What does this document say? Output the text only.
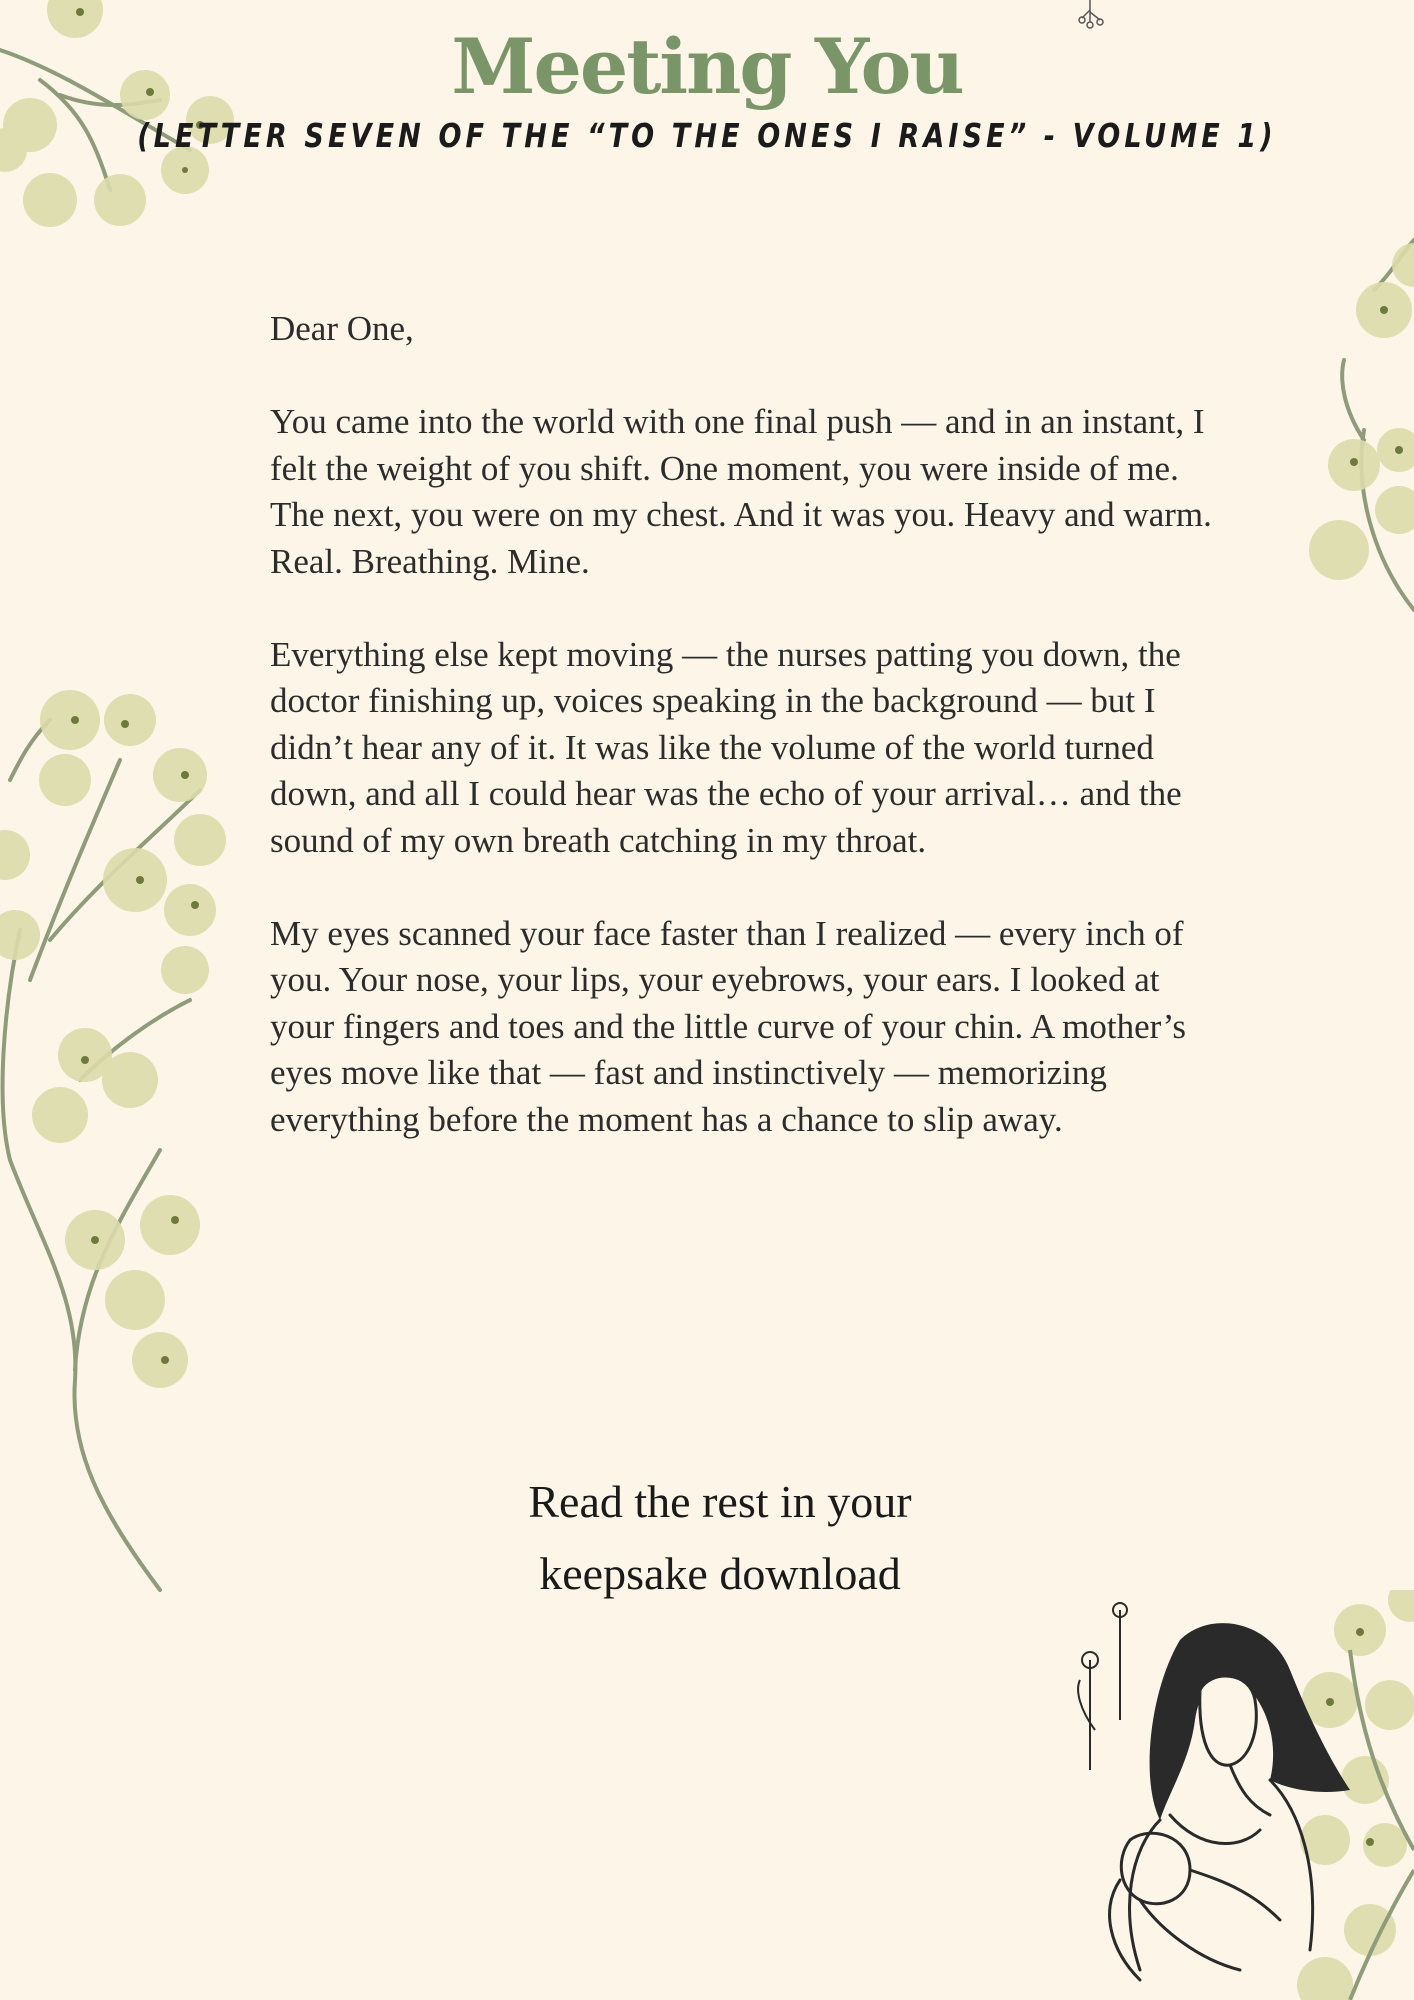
Meeting You
(LETTER SEVEN OF THE “TO THE ONES I RAISE” - VOLUME 1)

Dear One,

You came into the world with one final push — and in an instant, I felt the weight of you shift. One moment, you were inside of me. The next, you were on my chest. And it was you. Heavy and warm. Real. Breathing. Mine.

Everything else kept moving — the nurses patting you down, the doctor finishing up, voices speaking in the background — but I didn’t hear any of it. It was like the volume of the world turned down, and all I could hear was the echo of your arrival… and the sound of my own breath catching in my throat.

My eyes scanned your face faster than I realized — every inch of you. Your nose, your lips, your eyebrows, your ears. I looked at your fingers and toes and the little curve of your chin. A mother’s eyes move like that — fast and instinctively — memorizing everything before the moment has a chance to slip away.

Read the rest in your
keepsake download
